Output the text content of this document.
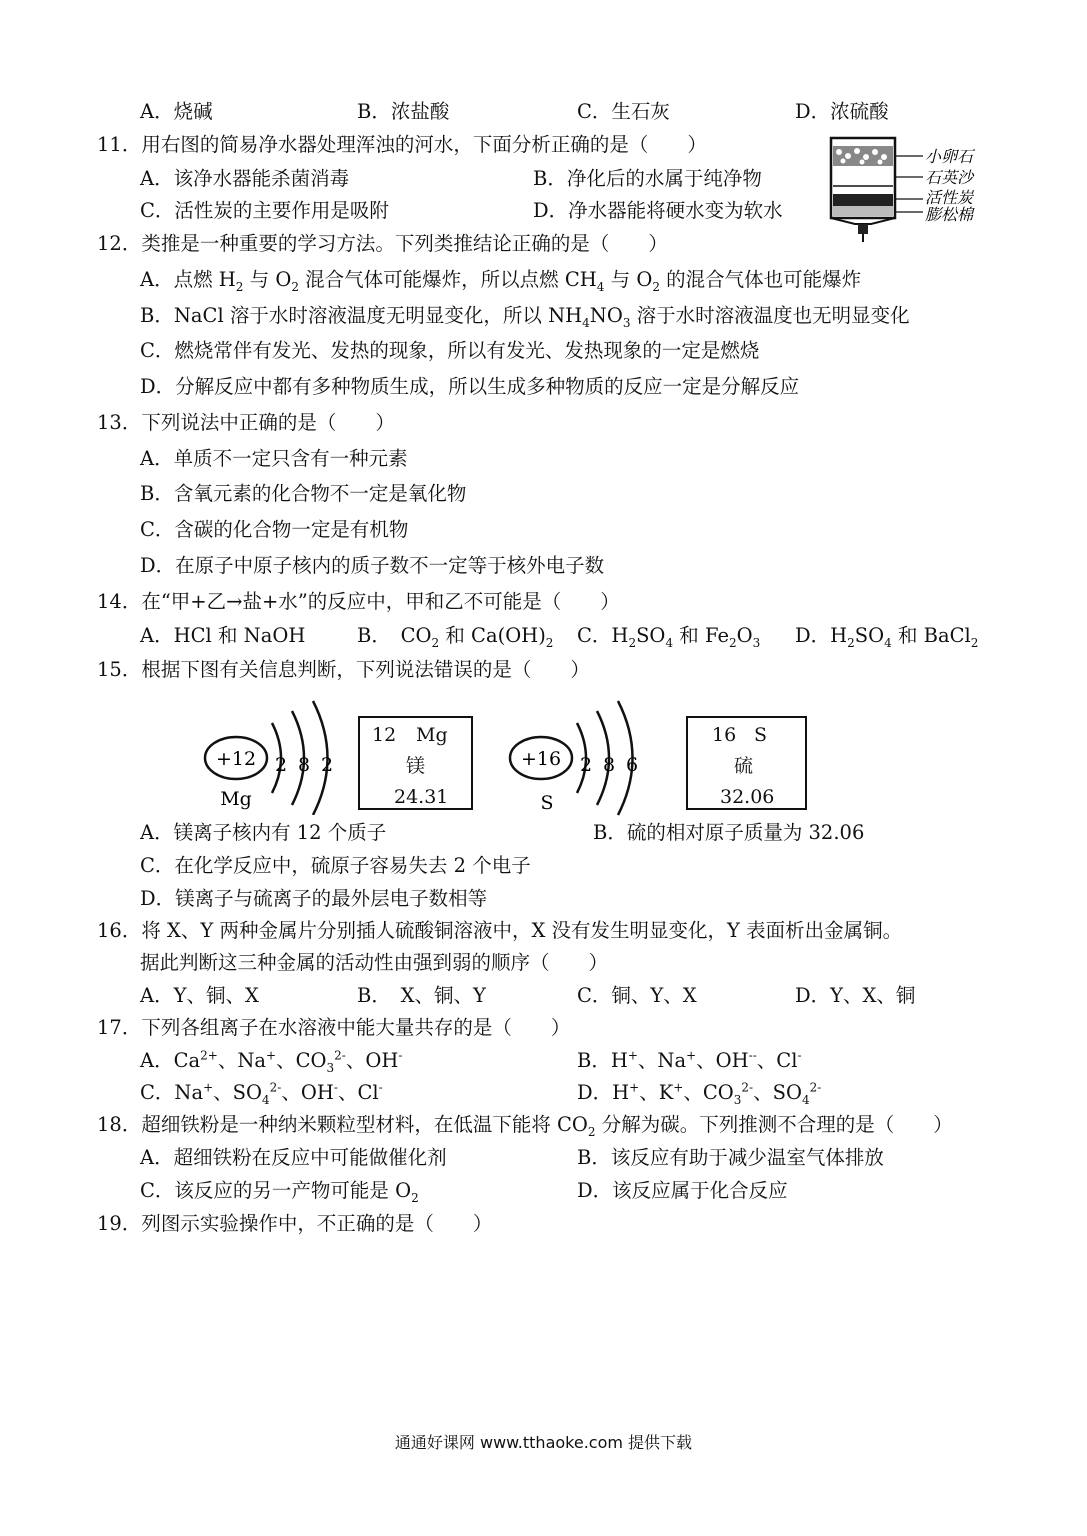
A．烧碱	B．浓盐酸	C．生石灰	D．浓硫酸
11．用右图的简易净水器处理浑浊的河水，下面分析正确的是（　　）
A．该净水器能杀菌消毒	B．净化后的水属于纯净物
C．活性炭的主要作用是吸附	D．净水器能将硬水变为软水
小卵石
石英沙
活性炭
膨松棉
12．类推是一种重要的学习方法。下列类推结论正确的是（　　）
A．点燃 $H_2$ 与 $O_2$ 混合气体可能爆炸，所以点燃 $CH_4$ 与 $O_2$ 的混合气体也可能爆炸
B．NaCl 溶于水时溶液温度无明显变化，所以 $NH_4NO_3$ 溶于水时溶液温度也无明显变化
C．燃烧常伴有发光、发热的现象，所以有发光、发热现象的一定是燃烧
D．分解反应中都有多种物质生成，所以生成多种物质的反应一定是分解反应
13．下列说法中正确的是（　　）
A．单质不一定只含有一种元素
B．含氧元素的化合物不一定是氧化物
C．含碳的化合物一定是有机物
D．在原子中原子核内的质子数不一定等于核外电子数
14．在“甲+乙→盐+水”的反应中，甲和乙不可能是（　　）
A．HCl 和 NaOH	B．　$CO_2$ 和 $Ca(OH)_2$ C．$H_2SO_4$ 和 $Fe_2O_3$ D．$H_2SO_4$ 和 BaCl$_2$
15．根据下图有关信息判断，下列说法错误的是（　　）
+12 2 8 2
Mg
12 Mg
镁
24.31
+16 2 8 6
S
16 S
硫
32.06
A．镁离子核内有 12 个质子	B．硫的相对原子质量为 32.06
C．在化学反应中，硫原子容易失去 2 个电子
D．镁离子与硫离子的最外层电子数相等
16．将 X、Y 两种金属片分别插人硫酸铜溶液中，X 没有发生明显变化，Y 表面析出金属铜。
据此判断这三种金属的活动性由强到弱的顺序（　　）
A．Y、铜、X	B．　X、铜、Y	C．铜、Y、X	D．Y、X、铜
17．下列各组离子在水溶液中能大量共存的是（　　）
A．$Ca^{2+}$、Na+、$CO_3^{2-}$、OH-	B．H+、Na+、OH--、Cl-
C．Na+、$SO_4^{2-}$、OH-、Cl-	D．H+、K+、$CO_3^{2-}$、$SO_4^{2-}$
18．超细铁粉是一种纳米颗粒型材料，在低温下能将 $CO_2$ 分解为碳。下列推测不合理的是（　　）
A．超细铁粉在反应中可能做催化剂	B．该反应有助于减少温室气体排放
C．该反应的另一产物可能是 $O_2$	D．该反应属于化合反应
19．列图示实验操作中，不正确的是（　　）
通通好课网 www.tthaoke.com 提供下载
